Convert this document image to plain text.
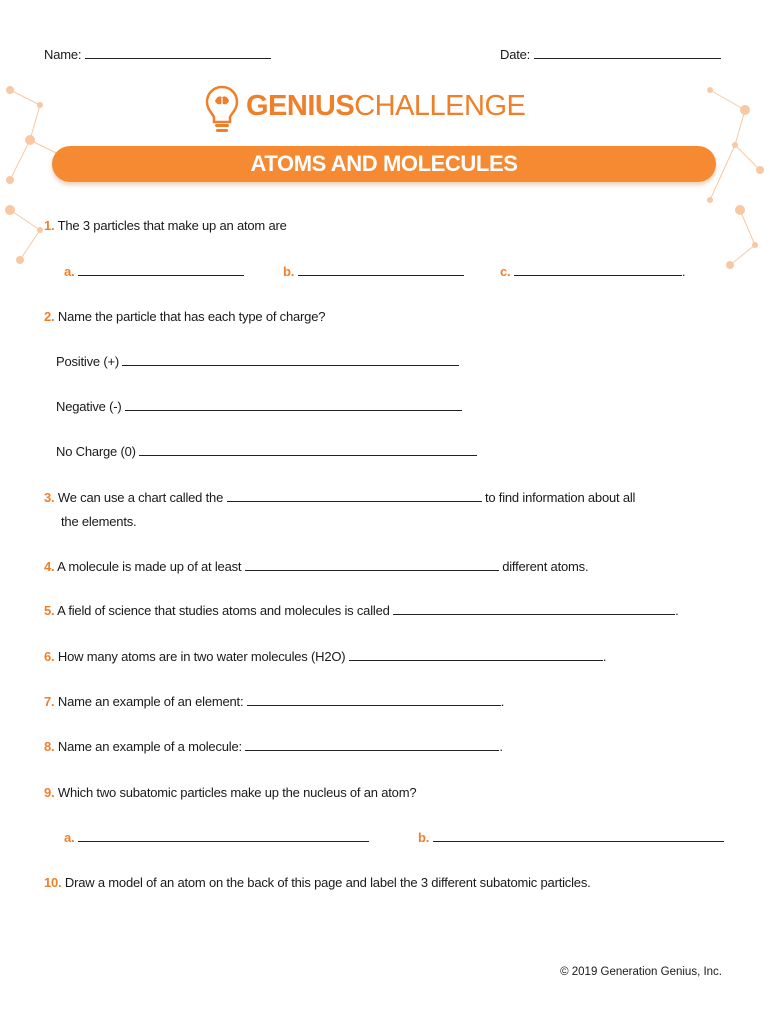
Name:	Date:
GENIUSCHALLENGE
ATOMS AND MOLECULES
1. The 3 particles that make up an atom are
a.	b.	c.	.
2. Name the particle that has each type of charge?
Positive (+)
Negative (-)
No Charge (0)
3. We can use a chart called the	to find information about all
the elements.
4. A molecule is made up of at least	different atoms.
5. A field of science that studies atoms and molecules is called	.
6. How many atoms are in two water molecules (H2O)	.
7. Name an example of an element:	.
8. Name an example of a molecule:	.
9. Which two subatomic particles make up the nucleus of an atom?
a.	b.
10. Draw a model of an atom on the back of this page and label the 3 different subatomic particles.
© 2019 Generation Genius, Inc.
